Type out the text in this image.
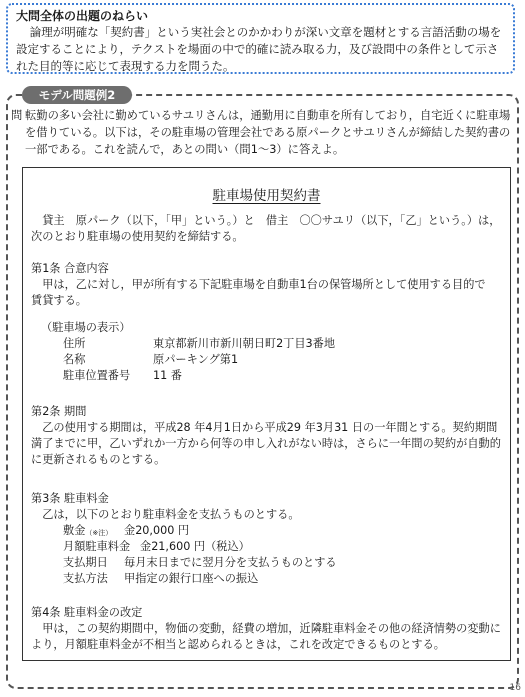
大問全体の出題のねらい
論理が明確な「契約書」という実社会とのかかわりが深い文章を題材とする言語活動の場を設定することにより，テクストを場面の中で的確に読み取る力，及び設問中の条件として示された目的等に応じて表現する力を問うた。
モデル問題例2
問 転勤の多い会社に勤めているサユリさんは，通勤用に自動車を所有しており，自宅近くに駐車場を借りている。以下は，その駐車場の管理会社である原パークとサユリさんが締結した契約書の一部である。これを読んで，あとの問い（問1～3）に答えよ。
駐車場使用契約書
貸主　原パーク（以下，「甲」という。）と　借主　〇〇サユリ（以下，「乙」という。）は，次のとおり駐車場の使用契約を締結する。
第1条 合意内容
甲は，乙に対し，甲が所有する下記駐車場を自動車1台の保管場所として使用する目的で賃貸する。
（駐車場の表示）
住所	東京都新川市新川朝日町2丁目3番地
名称	原パーキング第1
駐車位置番号 11 番
第2条 期間
乙の使用する期間は，平成28 年4月1日から平成29 年3月31 日の一年間とする。契約期間満了までに甲，乙いずれか一方から何等の申し入れがない時は，さらに一年間の契約が自動的に更新されるものとする。
第3条 駐車料金
乙は，以下のとおり駐車料金を支払うものとする。
敷金（※注） 金20,000 円
月額駐車料金 金21,600 円（税込）
支払期日 毎月末日までに翌月分を支払うものとする
支払方法 甲指定の銀行口座への振込
第4条 駐車料金の改定
甲は，この契約期間中，物価の変動，経費の増加，近隣駐車料金その他の経済情勢の変動により，月額駐車料金が不相当と認められるときは，これを改定できるものとする。
16
